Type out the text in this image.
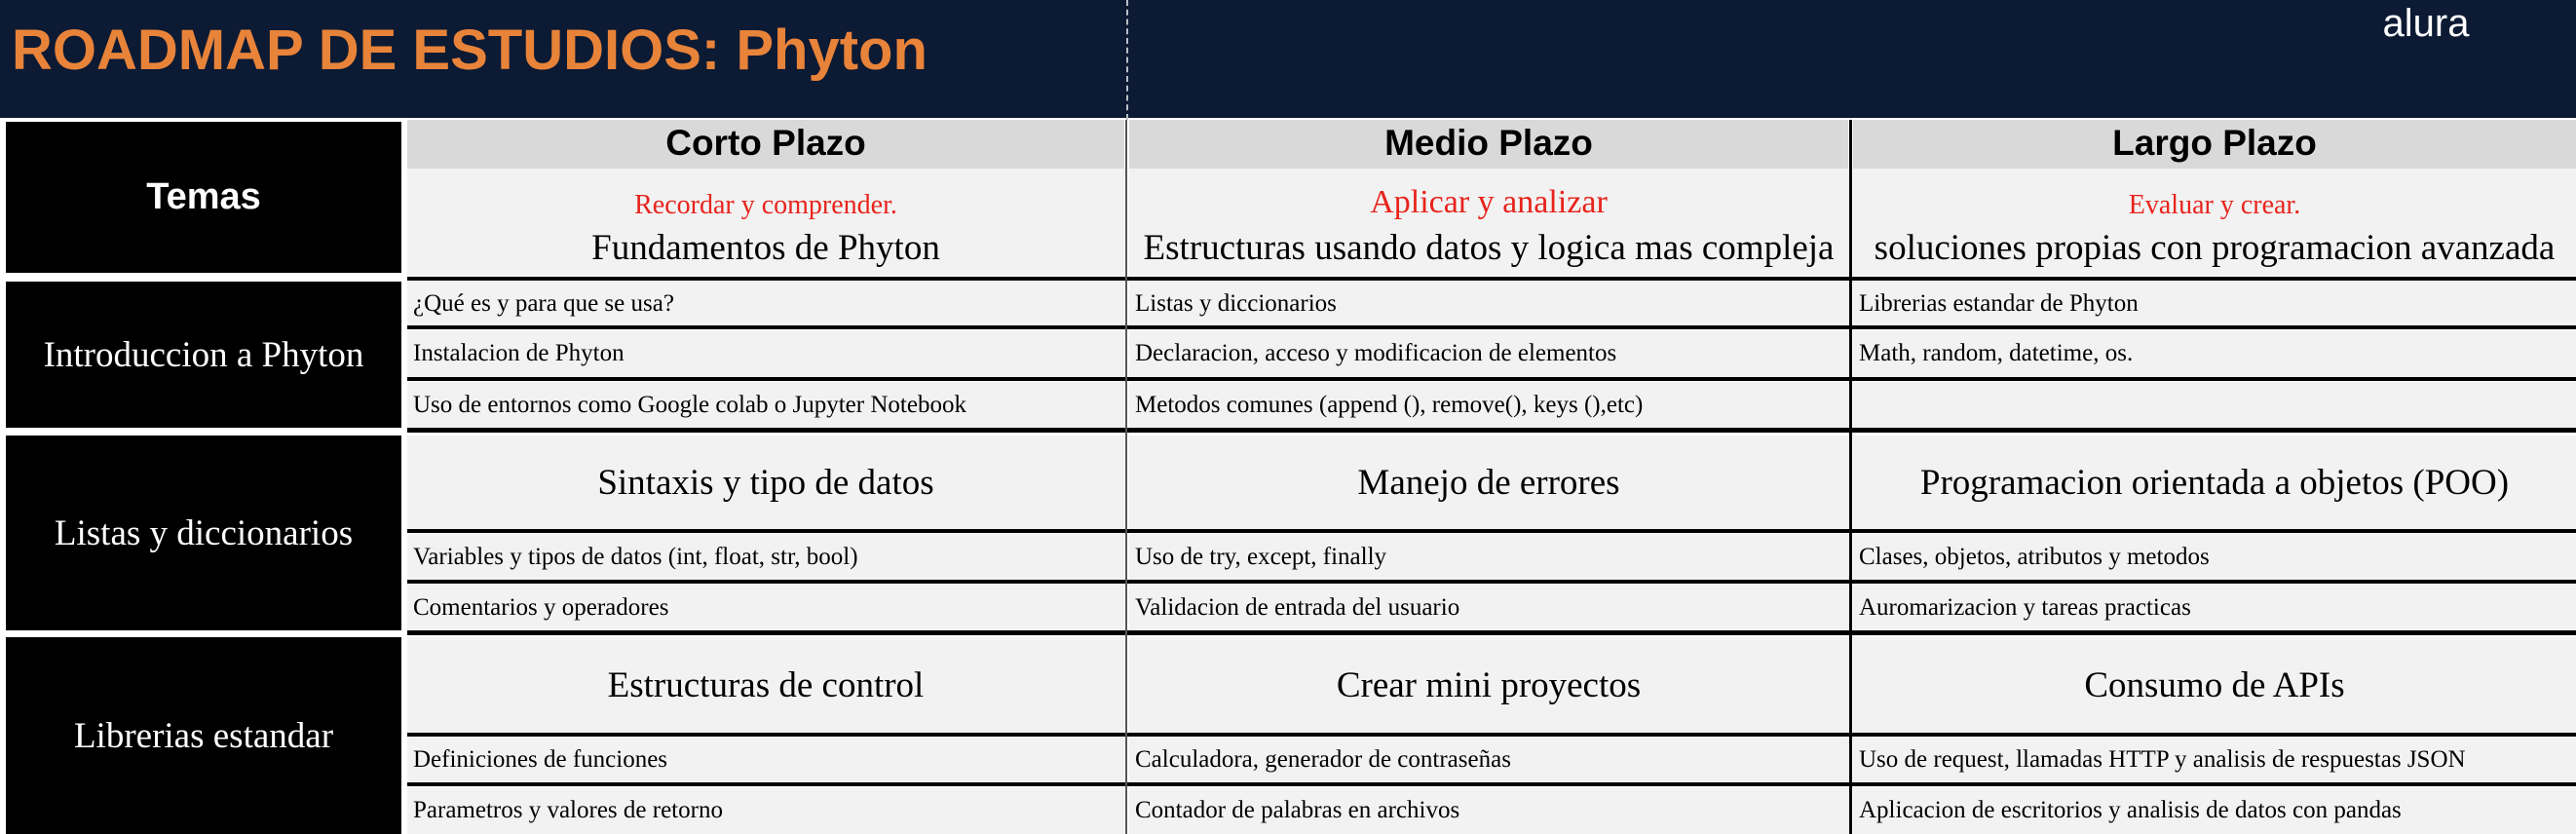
ROADMAP DE ESTUDIOS: Phyton	alura
Temas
Introduccion a Phyton
Listas y diccionarios
Librerias estandar
Corto Plazo
Recordar y comprender.
Fundamentos de Phyton
¿Qué es y para que se usa?
Instalacion de Phyton
Uso de entornos como Google colab o Jupyter Notebook
Sintaxis y tipo de datos
Variables y tipos de datos (int, float, str, bool)
Comentarios y operadores
Estructuras de control
Definiciones de funciones
Parametros y valores de retorno
Medio Plazo
Aplicar y analizar
Estructuras usando datos y logica mas compleja
Listas y diccionarios
Declaracion, acceso y modificacion de elementos
Metodos comunes (append (), remove(), keys (),etc)
Manejo de errores
Uso de try, except, finally
Validacion de entrada del usuario
Crear mini proyectos
Calculadora, generador de contraseñas
Contador de palabras en archivos
Largo Plazo
Evaluar y crear.
soluciones propias con programacion avanzada
Librerias estandar de Phyton
Math, random, datetime, os.
Programacion orientada a objetos (POO)
Clases, objetos, atributos y metodos
Auromarizacion y tareas practicas
Consumo de APIs
Uso de request, llamadas HTTP y analisis de respuestas JSON
Aplicacion de escritorios y analisis de datos con pandas
